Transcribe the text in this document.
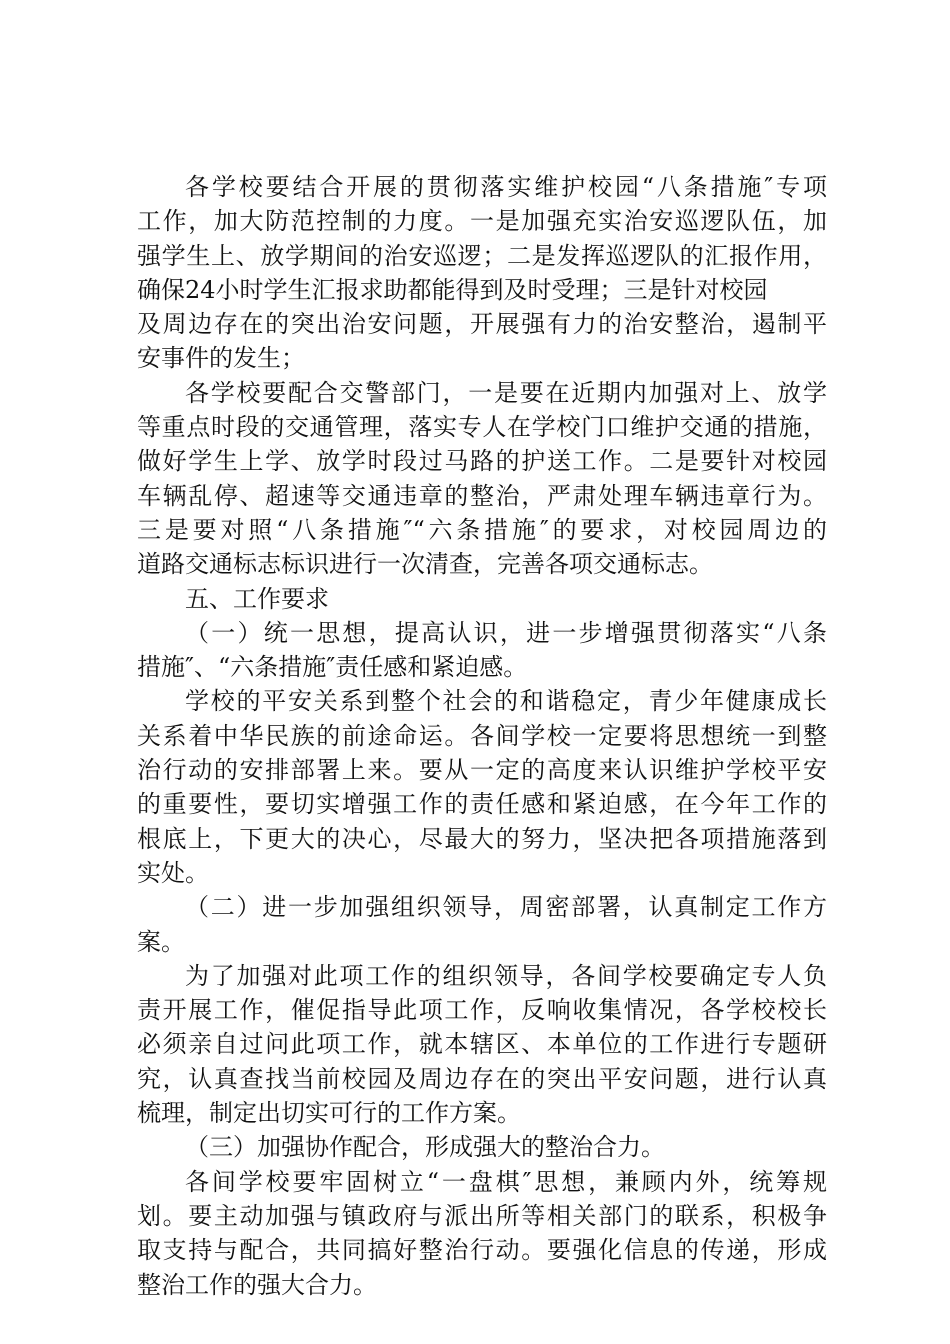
各学校要结合开展的贯彻落实维护校园“八条措施″专项
工作，加大防范控制的力度。一是加强充实治安巡逻队伍，加
强学生上、放学期间的治安巡逻；二是发挥巡逻队的汇报作用，
确保24小时学生汇报求助都能得到及时受理；三是针对校园
及周边存在的突出治安问题，开展强有力的治安整治，遏制平
安事件的发生；
各学校要配合交警部门，一是要在近期内加强对上、放学
等重点时段的交通管理，落实专人在学校门口维护交通的措施，
做好学生上学、放学时段过马路的护送工作。二是要针对校园
车辆乱停、超速等交通违章的整治，严肃处理车辆违章行为。
三是要对照“八条措施″“六条措施″的要求，对校园周边的
道路交通标志标识进行一次清查，完善各项交通标志。
五、工作要求
（一）统一思想，提高认识，进一步增强贯彻落实“八条
措施″、“六条措施″责任感和紧迫感。
学校的平安关系到整个社会的和谐稳定，青少年健康成长
关系着中华民族的前途命运。各间学校一定要将思想统一到整
治行动的安排部署上来。要从一定的高度来认识维护学校平安
的重要性，要切实增强工作的责任感和紧迫感，在今年工作的
根底上，下更大的决心，尽最大的努力，坚决把各项措施落到
实处。
（二）进一步加强组织领导，周密部署，认真制定工作方
案。
为了加强对此项工作的组织领导，各间学校要确定专人负
责开展工作，催促指导此项工作，反响收集情况，各学校校长
必须亲自过问此项工作，就本辖区、本单位的工作进行专题研
究，认真查找当前校园及周边存在的突出平安问题，进行认真
梳理，制定出切实可行的工作方案。
（三）加强协作配合，形成强大的整治合力。
各间学校要牢固树立“一盘棋″思想，兼顾内外，统筹规
划。要主动加强与镇政府与派出所等相关部门的联系，积极争
取支持与配合，共同搞好整治行动。要强化信息的传递，形成
整治工作的强大合力。
